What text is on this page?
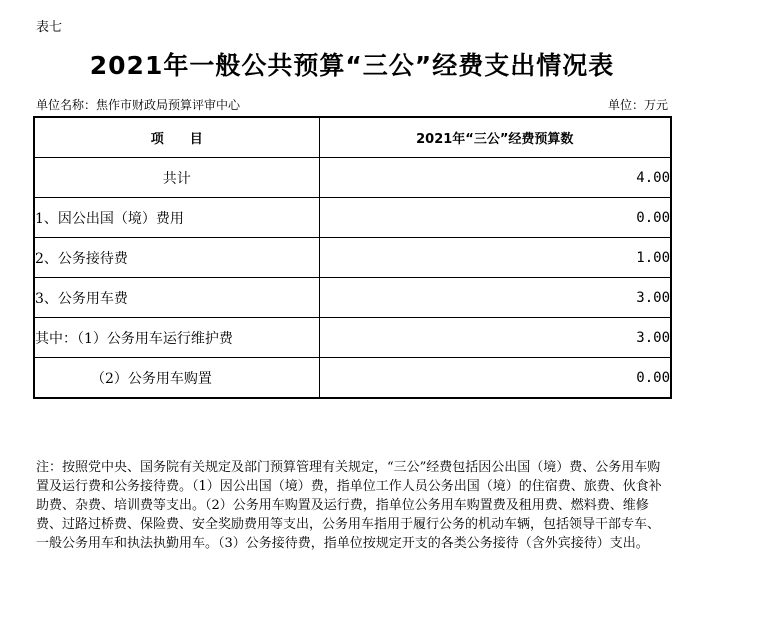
表七
2021年一般公共预算“三公”经费支出情况表
单位名称：焦作市财政局预算评审中心	单位：万元
项　　目	2021年“三公”经费预算数
共计	4.00
1、因公出国（境）费用	0.00
2、公务接待费	1.00
3、公务用车费	3.00
其中：（1）公务用车运行维护费	3.00
（2）公务用车购置	0.00
注：按照党中央、国务院有关规定及部门预算管理有关规定，“三公”经费包括因公出国（境）费、公务用车购置及运行费和公务接待费。（1）因公出国（境）费，指单位工作人员公务出国（境）的住宿费、旅费、伙食补助费、杂费、培训费等支出。（2）公务用车购置及运行费，指单位公务用车购置费及租用费、燃料费、维修费、过路过桥费、保险费、安全奖励费用等支出，公务用车指用于履行公务的机动车辆，包括领导干部专车、一般公务用车和执法执勤用车。（3）公务接待费，指单位按规定开支的各类公务接待（含外宾接待）支出。
